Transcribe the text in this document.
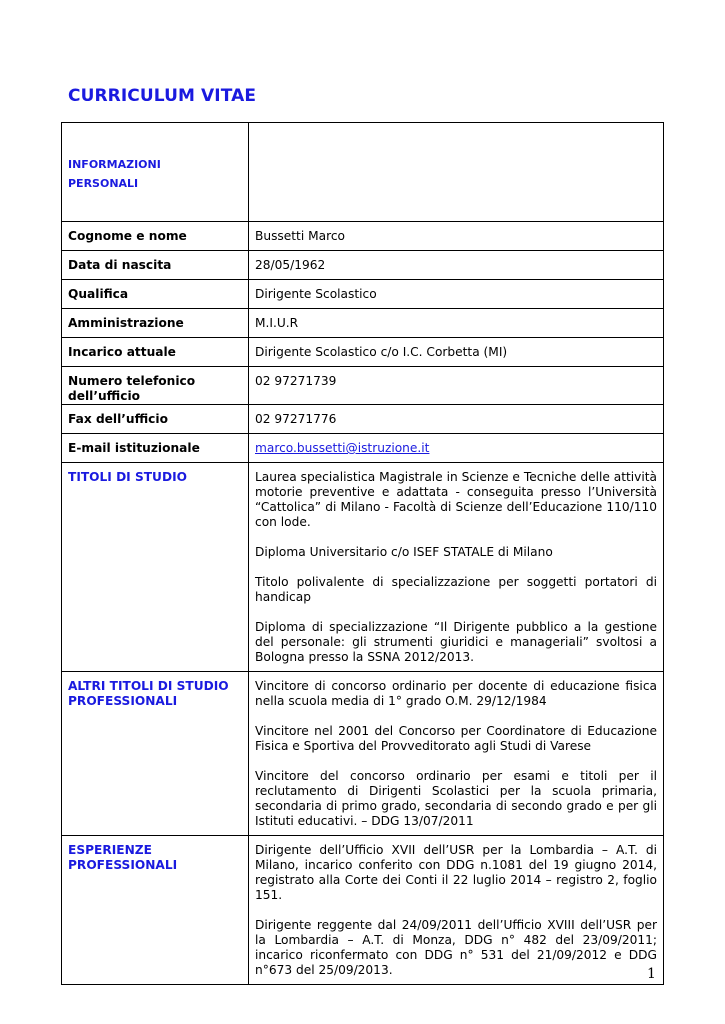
CURRICULUM VITAE
INFORMAZIONI
PERSONALI	

Cognome e nome	Bussetti Marco
Data di nascita	28/05/1962
Qualifica	Dirigente Scolastico
Amministrazione	M.I.U.R
Incarico attuale	Dirigente Scolastico c/o I.C. Corbetta (MI)
Numero telefonico dell’ufficio	02 97271739
Fax dell’ufficio	02 97271776
E-mail istituzionale	marco.bussetti@istruzione.it
TITOLI DI STUDIO	Laurea specialistica Magistrale in Scienze e Tecniche delle attività motorie preventive e adattata - conseguita presso l’Università “Cattolica” di Milano - Facoltà di Scienze dell’Educazione 110/110 con lode.
Diploma Universitario c/o ISEF STATALE di Milano
Titolo polivalente di specializzazione per soggetti portatori di handicap
Diploma di specializzazione “Il Dirigente pubblico a la gestione del personale: gli strumenti giuridici e manageriali” svoltosi a Bologna presso la SSNA 2012/2013.

ALTRI TITOLI DI STUDIO PROFESSIONALI	Vincitore di concorso ordinario per docente di educazione fisica nella scuola media di 1° grado O.M. 29/12/1984
Vincitore nel 2001 del Concorso per Coordinatore di Educazione Fisica e Sportiva del Provveditorato agli Studi di Varese
Vincitore del concorso ordinario per esami e titoli per il reclutamento di Dirigenti Scolastici per la scuola primaria, secondaria di primo grado, secondaria di secondo grado e per gli Istituti educativi. – DDG 13/07/2011

ESPERIENZE PROFESSIONALI	Dirigente dell’Ufficio XVII dell’USR per la Lombardia – A.T. di Milano, incarico conferito con DDG n.1081 del 19 giugno 2014, registrato alla Corte dei Conti il 22 luglio 2014 – registro 2, foglio 151.
Dirigente reggente dal 24/09/2011 dell’Ufficio XVIII dell’USR per la Lombardia – A.T. di Monza, DDG n° 482 del 23/09/2011; incarico riconfermato con DDG n° 531 del 21/09/2012 e DDG n°673 del 25/09/2013.	1
